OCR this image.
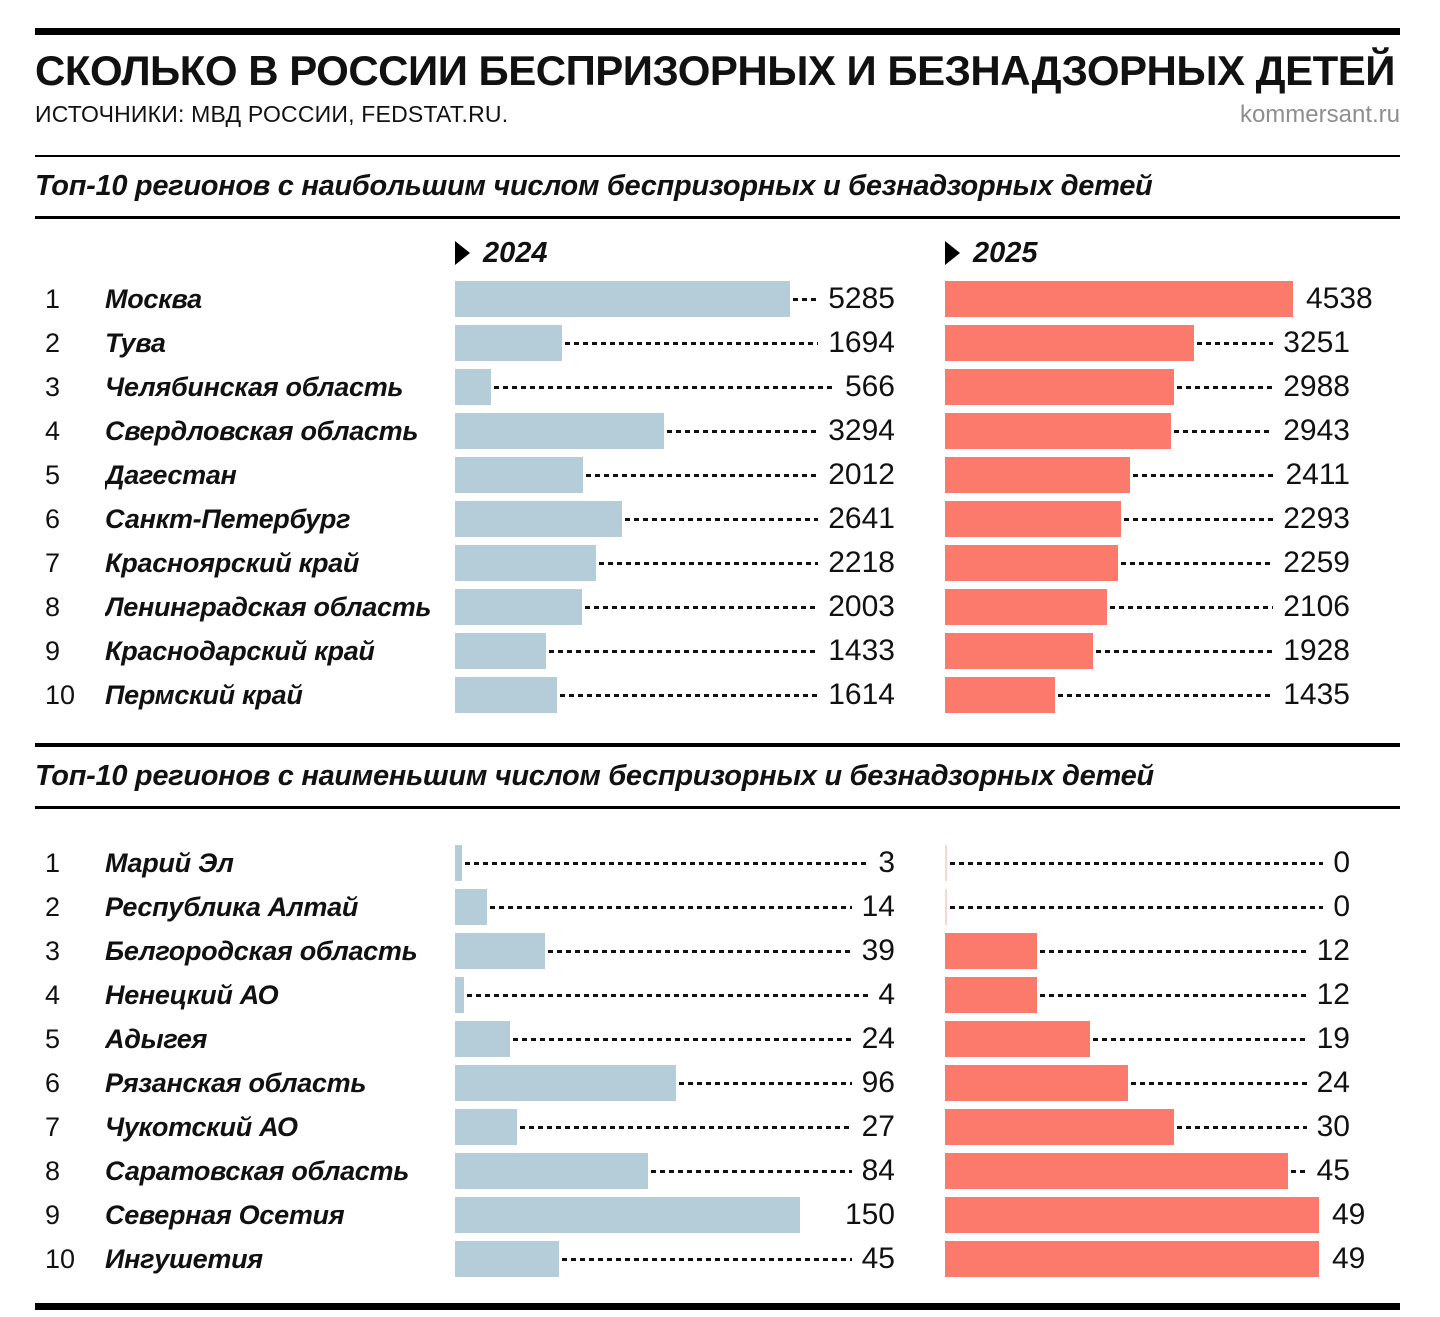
СКОЛЬКО В РОССИИ БЕСПРИЗОРНЫХ И БЕЗНАДЗОРНЫХ ДЕТЕЙ
ИСТОЧНИКИ: МВД РОССИИ, FEDSTAT.RU.	kommersant.ru
Топ-10 регионов с наибольшим числом беспризорных и безнадзорных детей
2024	2025
1	Москва	5285	4538
2	Тува	1694	3251
3	Челябинская область	566	2988
4	Свердловская область	3294	2943
5	Дагестан	2012	2411
6	Санкт-Петербург	2641	2293
7	Красноярский край	2218	2259
8	Ленинградская область	2003	2106
9	Краснодарский край	1433	1928
10	Пермский край	1614	1435
Топ-10 регионов с наименьшим числом беспризорных и безнадзорных детей
1	Марий Эл	3	0
2	Республика Алтай	14	0
3	Белгородская область	39	12
4	Ненецкий АО	4	12
5	Адыгея	24	19
6	Рязанская область	96	24
7	Чукотский АО	27	30
8	Саратовская область	84	45
9	Северная Осетия	150	49
10	Ингушетия	45	49
